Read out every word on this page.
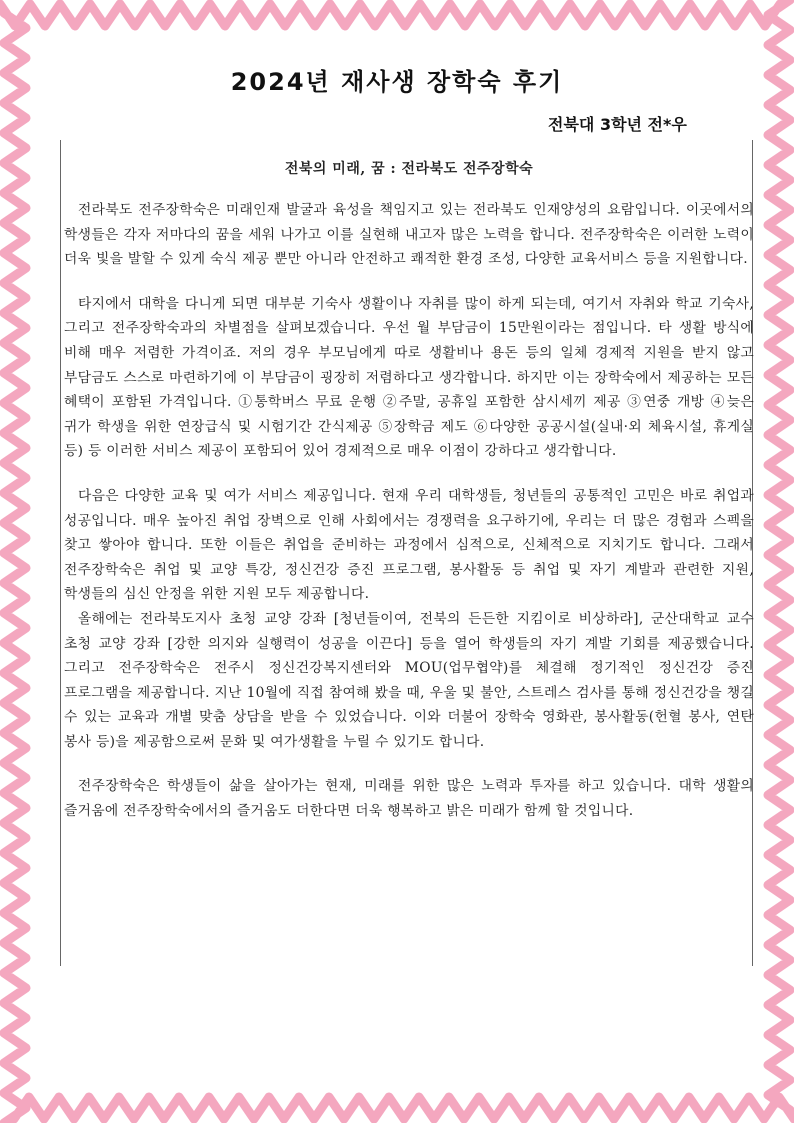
2024년 재사생 장학숙 후기
전북대 3학년 전*우
전북의 미래, 꿈 : 전라북도 전주장학숙

전라북도 전주장학숙은 미래인재 발굴과 육성을 책임지고 있는 전라북도 인재양성의 요람입니다. 이곳에서의 학생들은 각자 저마다의 꿈을 세워 나가고 이를 실현해 내고자 많은 노력을 합니다. 전주장학숙은 이러한 노력이 더욱 빛을 발할 수 있게 숙식 제공 뿐만 아니라 안전하고 쾌적한 환경 조성, 다양한 교육서비스 등을 지원합니다.

타지에서 대학을 다니게 되면 대부분 기숙사 생활이나 자취를 많이 하게 되는데, 여기서 자취와 학교 기숙사, 그리고 전주장학숙과의 차별점을 살펴보겠습니다. 우선 월 부담금이 15만원이라는 점입니다. 타 생활 방식에 비해 매우 저렴한 가격이죠. 저의 경우 부모님에게 따로 생활비나 용돈 등의 일체 경제적 지원을 받지 않고 부담금도 스스로 마련하기에 이 부담금이 굉장히 저렴하다고 생각합니다. 하지만 이는 장학숙에서 제공하는 모든 혜택이 포함된 가격입니다. ①통학버스 무료 운행 ②주말, 공휴일 포함한 삼시세끼 제공 ③연중 개방 ④늦은 귀가 학생을 위한 연장급식 및 시험기간 간식제공 ⑤장학금 제도 ⑥다양한 공공시설(실내·외 체육시설, 휴게실 등) 등 이러한 서비스 제공이 포함되어 있어 경제적으로 매우 이점이 강하다고 생각합니다.

다음은 다양한 교육 및 여가 서비스 제공입니다. 현재 우리 대학생들, 청년들의 공통적인 고민은 바로 취업과 성공입니다. 매우 높아진 취업 장벽으로 인해 사회에서는 경쟁력을 요구하기에, 우리는 더 많은 경험과 스펙을 찾고 쌓아야 합니다. 또한 이들은 취업을 준비하는 과정에서 심적으로, 신체적으로 지치기도 합니다. 그래서 전주장학숙은 취업 및 교양 특강, 정신건강 증진 프로그램, 봉사활동 등 취업 및 자기 계발과 관련한 지원, 학생들의 심신 안정을 위한 지원 모두 제공합니다.

올해에는 전라북도지사 초청 교양 강좌 [청년들이여, 전북의 든든한 지킴이로 비상하라], 군산대학교 교수 초청 교양 강좌 [강한 의지와 실행력이 성공을 이끈다] 등을 열어 학생들의 자기 계발 기회를 제공했습니다. 그리고 전주장학숙은 전주시 정신건강복지센터와 MOU(업무협약)를 체결해 정기적인 정신건강 증진 프로그램을 제공합니다. 지난 10월에 직접 참여해 봤을 때, 우울 및 불안, 스트레스 검사를 통해 정신건강을 챙길 수 있는 교육과 개별 맞춤 상담을 받을 수 있었습니다. 이와 더불어 장학숙 영화관, 봉사활동(헌혈 봉사, 연탄 봉사 등)을 제공함으로써 문화 및 여가생활을 누릴 수 있기도 합니다.

전주장학숙은 학생들이 삶을 살아가는 현재, 미래를 위한 많은 노력과 투자를 하고 있습니다. 대학 생활의 즐거움에 전주장학숙에서의 즐거움도 더한다면 더욱 행복하고 밝은 미래가 함께 할 것입니다.
